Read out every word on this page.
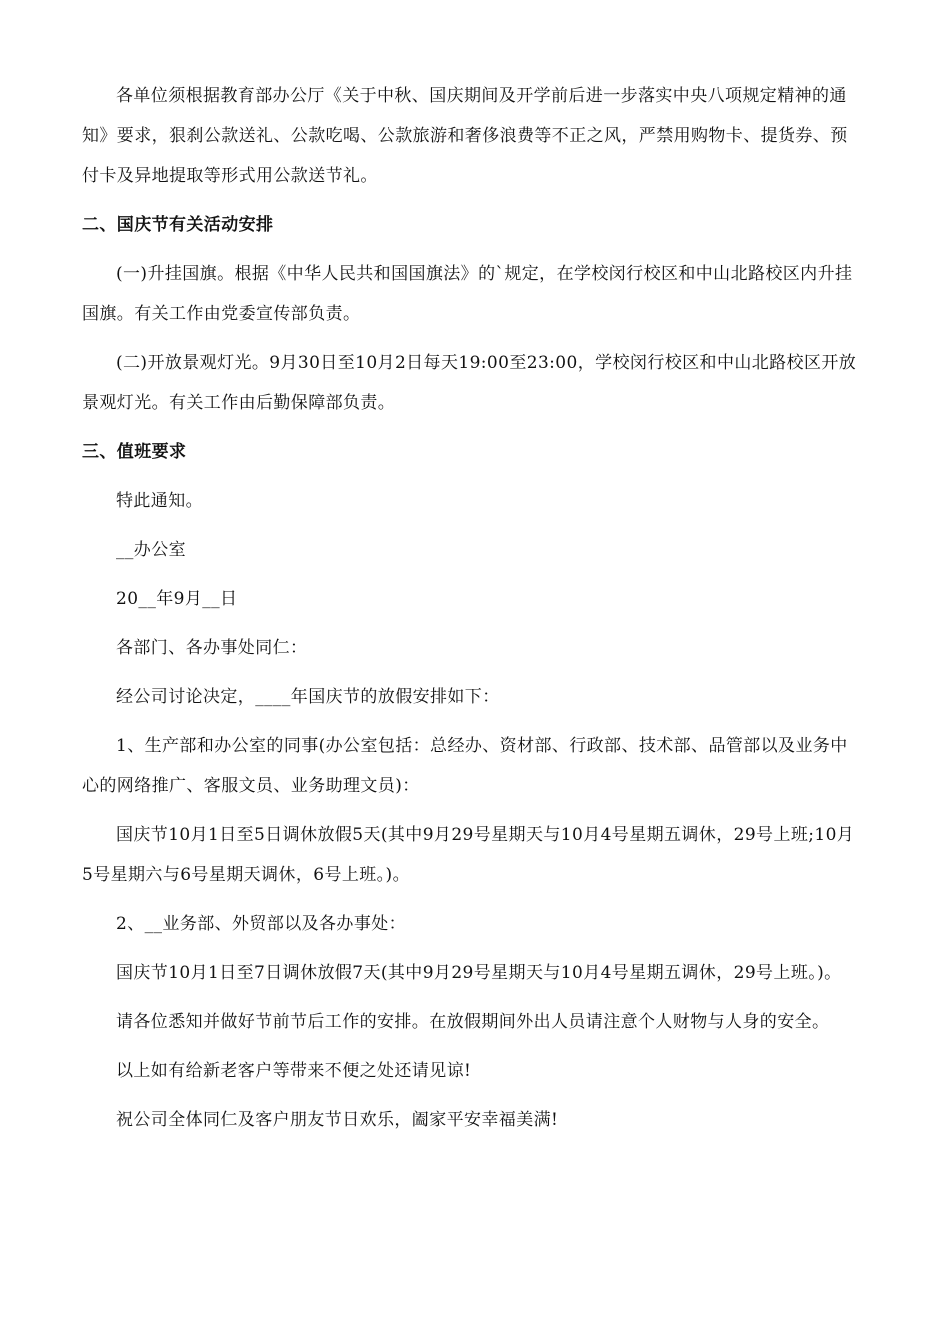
各单位须根据教育部办公厅《关于中秋、国庆期间及开学前后进一步落实中央八项规定精神的通知》要求，狠刹公款送礼、公款吃喝、公款旅游和奢侈浪费等不正之风，严禁用购物卡、提货券、预付卡及异地提取等形式用公款送节礼。

二、国庆节有关活动安排

(一)升挂国旗。根据《中华人民共和国国旗法》的`规定，在学校闵行校区和中山北路校区内升挂国旗。有关工作由党委宣传部负责。

(二)开放景观灯光。9月30日至10月2日每天19:00至23:00，学校闵行校区和中山北路校区开放景观灯光。有关工作由后勤保障部负责。

三、值班要求

特此通知。

__办公室

20__年9月__日

各部门、各办事处同仁：

经公司讨论决定，____年国庆节的放假安排如下：

1、生产部和办公室的同事(办公室包括：总经办、资材部、行政部、技术部、品管部以及业务中心的网络推广、客服文员、业务助理文员)：

国庆节10月1日至5日调休放假5天(其中9月29号星期天与10月4号星期五调休，29号上班;10月5号星期六与6号星期天调休，6号上班。)。

2、__业务部、外贸部以及各办事处：

国庆节10月1日至7日调休放假7天(其中9月29号星期天与10月4号星期五调休，29号上班。)。

请各位悉知并做好节前节后工作的安排。在放假期间外出人员请注意个人财物与人身的安全。

以上如有给新老客户等带来不便之处还请见谅!

祝公司全体同仁及客户朋友节日欢乐，阖家平安幸福美满!
